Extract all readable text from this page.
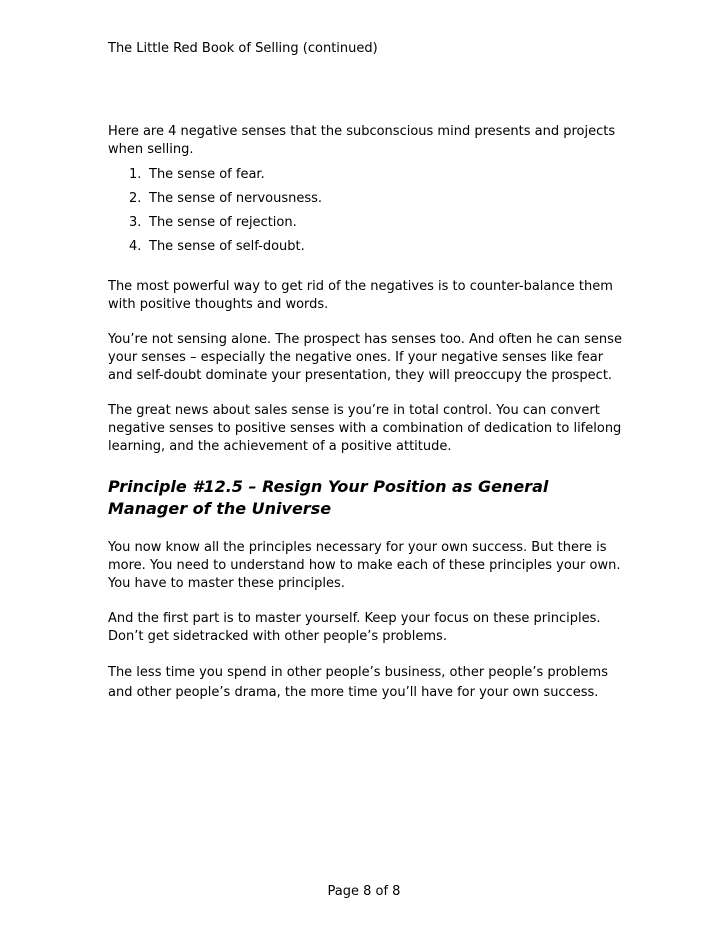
The Little Red Book of Selling (continued)

Here are 4 negative senses that the subconscious mind presents and projects when selling.

1. The sense of fear.
2. The sense of nervousness.
3. The sense of rejection.
4. The sense of self-doubt.

The most powerful way to get rid of the negatives is to counter-balance them with positive thoughts and words.

You’re not sensing alone. The prospect has senses too. And often he can sense your senses – especially the negative ones. If your negative senses like fear and self-doubt dominate your presentation, they will preoccupy the prospect.

The great news about sales sense is you’re in total control. You can convert negative senses to positive senses with a combination of dedication to lifelong learning, and the achievement of a positive attitude.

Principle #12.5 – Resign Your Position as General Manager of the Universe

You now know all the principles necessary for your own success. But there is more. You need to understand how to make each of these principles your own. You have to master these principles.

And the first part is to master yourself. Keep your focus on these principles. Don’t get sidetracked with other people’s problems.

The less time you spend in other people’s business, other people’s problems and other people’s drama, the more time you’ll have for your own success.

Page 8 of 8
